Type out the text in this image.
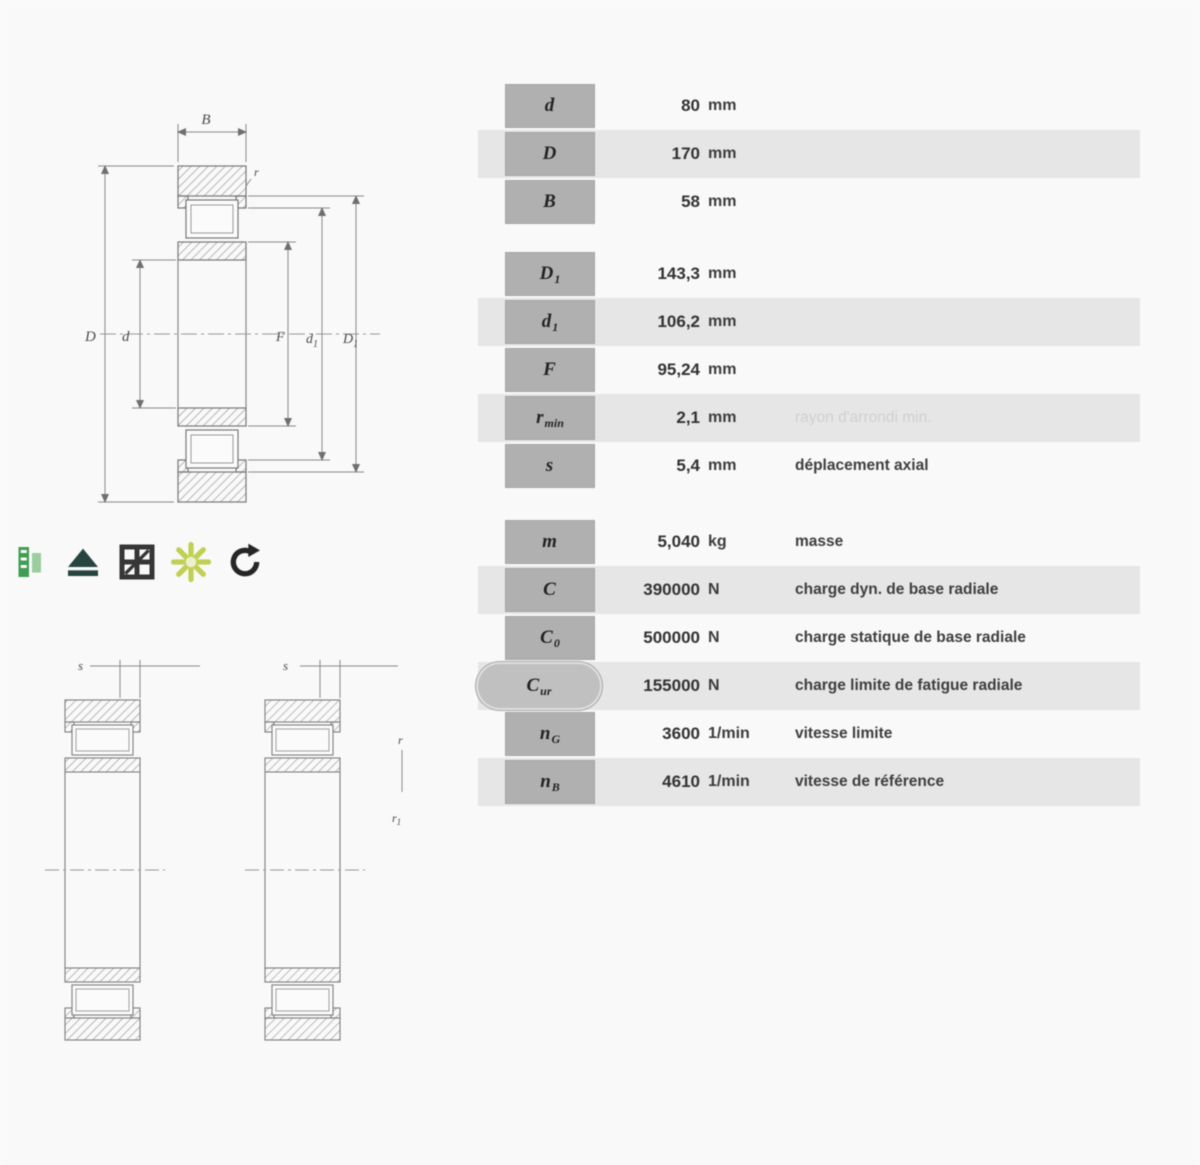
B
D d
r
F $d_1$ $D_1$
s	s
r
$r_1$
d	80 mm
D	170 mm
B	58 mm
D 1	143,3 mm
d 1	106,2 mm
F	95,24 mm
r min	2,1 mm	rayon d'arrondi min.
s	5,4 mm	déplacement axial
m	5,040 kg	masse
C	390000 N	charge dyn. de base radiale
C 0	500000 N	charge statique de base radiale
C ur	155000 N	charge limite de fatigue radiale
n G	3600 1/min	vitesse limite
n B	4610 1/min	vitesse de référence
